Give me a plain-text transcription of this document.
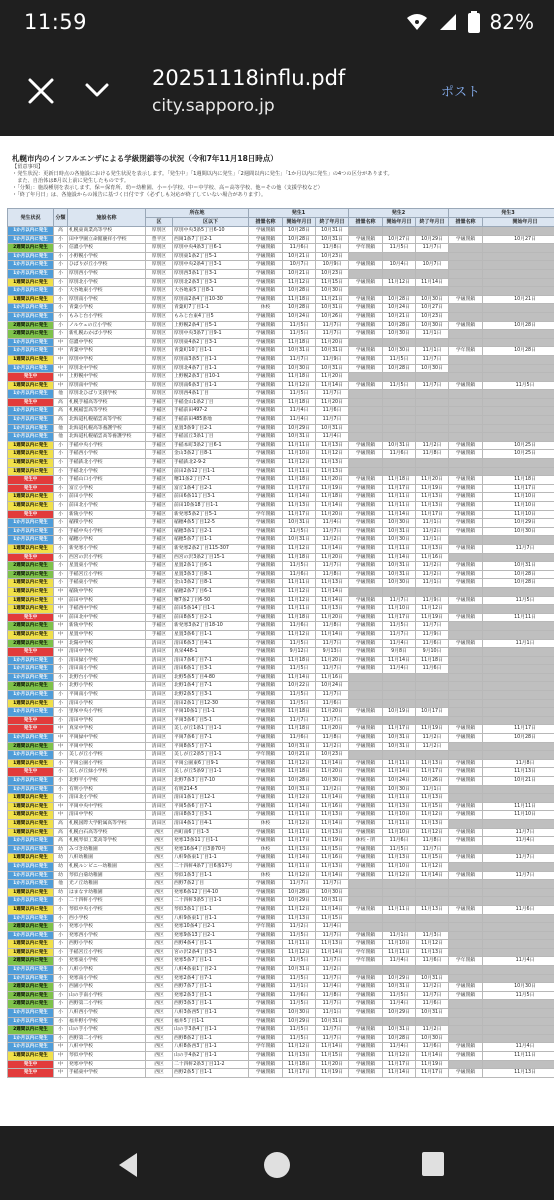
11:59	82%
20251118influ.pdf
city.sapporo.jp
ポスト
札幌市内のインフルエンザによる学級閉鎖等の状況（令和7年11月18日時点）
【留意事項】
・発生状況：更新日時点の各施設における発生状況を表示します。「発生中」「1週間以内に発生」「2週間以内に発生」「1か月以内に発生」の4つの区分があります。
　また、自治体は8月以上前に発生したものです。
・「分類」：施設種別を表示します。保＝保育所、幼＝幼稚園、小＝小学校、中＝中学校、高＝高等学校、他＝その他（支援学校など）
・「終了年月日」は、各施設からの報告に基づく日付です（必ずしも対応が終了していない場合があります）。
発生状況	分類	施設名称	所在地		発生1			発生2			発生3	
			区	区以下	措置名称	開始年月日	終了年月日	措置名称	開始年月日	終了年月日	措置名称	開始年月日
1か月以内に発生	高	札幌東商業高等学校	厚別区	厚別中央3条5丁目6-10	学級閉鎖	10月28日	10月31日					
1か月以内に発生	小	田中学園立命館慶祥小学校	豊平区	西岡1条7丁目2-1	学級閉鎖	10月28日	10月31日	学級閉鎖	10月27日	10月29日	学級閉鎖	10月27日
2週間以内に発生	小	信濃小学校	厚別区	厚別中央4条3丁目6-1	学級閉鎖	11月6日	11月8日	学年閉鎖	11月5日	11月7日		
1か月以内に発生	小	小野幌小学校	厚別区	厚別東1条2丁目5-1	学級閉鎖	10月21日	10月23日					
1か月以内に発生	小	ひばりが丘小学校	厚別区	厚別中央2条4丁目3-1	学級閉鎖	10月7日	10月9日	学級閉鎖	10月4日	10月7日		
1か月以内に発生	小	厚別西小学校	厚別区	厚別西3条1丁目3-1	学級閉鎖	10月21日	10月23日					
1週間以内に発生	小	厚別北小学校	厚別区	厚別北2条3丁目3-1	学級閉鎖	11月12日	11月15日	学級閉鎖	11月12日	11月14日		
1か月以内に発生	小	大谷地東小学校	厚別区	大谷地東5丁目8-1	学級閉鎖	10月28日	10月30日					
1週間以内に発生	小	厚別南小学校	厚別区	厚別南2条4丁目10-30	学級閉鎖	11月18日	11月21日	学級閉鎖	10月28日	10月30日	学級閉鎖	10月21日
1か月以内に発生	小	青葉小学校	厚別区	青葉町7丁目1-1	休校	10月28日	10月31日	学級閉鎖	10月24日	10月27日		
1か月以内に発生	小	もみじ台小学校	厚別区	もみじ台東4丁目5	学級閉鎖	10月24日	10月26日	学級閉鎖	10月21日	10月23日		
2週間以内に発生	小	ノルウェの丘小学校	厚別区	上野幌2条4丁目5-1	学級閉鎖	11月5日	11月7日	学級閉鎖	10月28日	10月30日	学級閉鎖	10月28日
2週間以内に発生	小	新札幌わかば小学校	厚別区	厚別中央3条7丁目9-1	学級閉鎖	11月5日	11月7日	学級閉鎖	10月30日	11月1日		
1か月以内に発生	中	信濃中学校	厚別区	厚別東4条2丁目3-1	学級閉鎖	11月18日	11月20日					
1か月以内に発生	中	青葉中学校	厚別区	青葉町10丁目1-1	学級閉鎖	10月31日	10月31日	学級閉鎖	10月30日	11月1日	学年閉鎖	10月28日
1週間以内に発生	中	厚別中学校	厚別区	厚別南3条5丁目1-1	学級閉鎖	11月7日	11月9日	学級閉鎖	11月5日	11月7日		
1か月以内に発生	中	厚別北中学校	厚別区	厚別北4条7丁目1-1	学級閉鎖	10月30日	10月31日	学級閉鎖	10月28日	10月30日		
発生中	中	上野幌中学校	厚別区	上野幌2条3丁目10-1	学級閉鎖	11月18日	11月20日					
1週間以内に発生	中	厚別南中学校	厚別区	厚別南6条3丁目1-1	学級閉鎖	11月12日	11月14日	学級閉鎖	11月5日	11月7日	学級閉鎖	11月5日
1か月以内に発生	他	厚別北ひばり支援学校	厚別区	厚別西4条1丁目	学級閉鎖	11月5日	11月7日					
発生中	高	札幌手稲高等学校	手稲区	手稲金山1条2丁目	学級閉鎖	11月18日	11月20日					
1か月以内に発生	高	札幌稲雲高等学校	手稲区	手稲前田497-2	学級閉鎖	11月4日	11月6日					
1か月以内に発生	高	北海道札幌稲雲高等学校	手稲区	手稲前田485番地	学級閉鎖	11月4日	11月7日					
1か月以内に発生	他	北海道札幌高等養護学校	手稲区	星置3条9丁目2-1	学級閉鎖	10月29日	10月31日					
1か月以内に発生	他	北海道札幌稲雲高等養護学校	手稲区	手稲富丘3条1丁目	学級閉鎖	10月31日	11月4日					
1週間以内に発生	小	手稲中央小学校	手稲区	手稲本町3条2丁目6-1	学級閉鎖	11月11日	11月13日	学級閉鎖	10月31日	11月2日	学級閉鎖	10月25日
1週間以内に発生	小	手稲西小学校	手稲区	金山3条2丁目8-1	学級閉鎖	11月10日	11月12日	学級閉鎖	11月6日	11月8日	学級閉鎖	10月25日
1週間以内に発生	小	手稲鉄北小学校	手稲区	手稲鉄北2-9-2	学級閉鎖	11月12日	11月13日					
1週間以内に発生	小	手稲北小学校	手稲区	前田2条12丁目1-1	学級閉鎖	11月11日	11月13日					
発生中	小	手稲山口小学校	手稲区	曙11条2丁目7-1	学級閉鎖	11月18日	11月20日	学級閉鎖	11月18日	11月20日	学級閉鎖	11月18日
発生中	小	富丘小学校	手稲区	富丘1条4丁目2-1	学級閉鎖	11月17日	11月19日	学級閉鎖	11月17日	11月19日	学級閉鎖	11月17日
1週間以内に発生	小	前田小学校	手稲区	前田6条11丁目3-1	学級閉鎖	11月14日	11月18日	学級閉鎖	11月11日	11月13日	学級閉鎖	11月10日
1週間以内に発生	小	前田北小学校	手稲区	前田10条18丁目1-1	学級閉鎖	11月13日	11月14日	学級閉鎖	11月11日	11月13日	学級閉鎖	11月10日
発生中	小	新陵小学校	手稲区	新発寒5条2丁目5-1	学年閉鎖	11月17日	11月20日	学級閉鎖	11月14日	11月17日	学級閉鎖	11月10日
1か月以内に発生	小	稲積小学校	手稲区	稲穂4条5丁目12-5	学級閉鎖	10月31日	11月4日	学級閉鎖	10月30日	11月1日	学級閉鎖	10月29日
1か月以内に発生	小	手稲中央小学校	手稲区	稲穂3条1丁目2-1	学級閉鎖	11月5日	11月7日	学級閉鎖	10月31日	11月2日	学級閉鎖	10月30日
1か月以内に発生	小	稲穂小学校	手稲区	稲穂5条7丁目1-1	学級閉鎖	10月31日	11月2日	学級閉鎖	10月30日	11月1日		
1週間以内に発生	小	新発寒小学校	手稲区	新発寒2条2丁目115-307	学級閉鎖	11月12日	11月14日	学級閉鎖	11月11日	11月13日	学級閉鎖	11月7日
発生中	小	西宮の沢小学校	手稲区	西宮の沢3条2丁目15-1	学級閉鎖	11月18日	11月20日	学級閉鎖	11月14日	11月16日		
2週間以内に発生	小	星置東小学校	手稲区	星置2条1丁目6-1	学級閉鎖	11月5日	11月7日	学級閉鎖	10月31日	11月2日	学級閉鎖	10月31日
2週間以内に発生	小	手稲宮丘小学校	手稲区	星置3条3丁目8-1	学級閉鎖	11月6日	11月8日	学級閉鎖	10月31日	11月2日	学級閉鎖	10月28日
1週間以内に発生	小	手稲東小学校	手稲区	金山3条2丁目8-1	学級閉鎖	11月11日	11月13日	学級閉鎖	10月30日	11月1日	学級閉鎖	10月28日
1週間以内に発生	中	稲陵中学校	手稲区	稲穂2条7丁目6-1	学級閉鎖	11月12日	11月14日					
1週間以内に発生	中	前田中学校	手稲区	曙7条2丁目6-50	学級閉鎖	11月12日	11月14日	学級閉鎖	11月7日	11月9日	学級閉鎖	11月5日
1週間以内に発生	中	手稲西中学校	手稲区	前田5条14丁目1-1	学級閉鎖	11月11日	11月13日	学級閉鎖	11月10日	11月12日		
発生中	中	前田北中学校	手稲区	前田8条5丁目2-1	学級閉鎖	11月18日	11月20日	学級閉鎖	11月17日	11月19日	学級閉鎖	11月11日
2週間以内に発生	中	新陵中学校	手稲区	新発寒3条2丁目18-10	学級閉鎖	11月6日	11月8日	学級閉鎖	11月5日	11月7日		
1週間以内に発生	中	星置中学校	手稲区	星置3条6丁目1-1	学級閉鎖	11月12日	11月14日	学級閉鎖	11月7日	11月9日		
2週間以内に発生	中	北陽中学校	清田区	清田6条3丁目4-1	学級閉鎖	11月5日	11月7日	学級閉鎖	11月4日	11月6日	学級閉鎖	11月1日
発生中	中	清田中学校	清田区	真栄448-1	学級閉鎖	9月12日	9月13日	学級閉鎖	9月8日	9月10日		
1か月以内に発生	小	清田緑小学校	清田区	清田7条6丁目7-1	学級閉鎖	11月18日	11月20日	学級閉鎖	11月14日	11月18日		
1か月以内に発生	小	清田南小学校	清田区	清田6条1丁目3-1	学級閉鎖	11月5日	11月7日	学級閉鎖	11月4日	11月6日		
1か月以内に発生	小	北野台小学校	清田区	北野5条5丁目4-80	学級閉鎖	11月14日	11月16日					
2週間以内に発生	小	北野小学校	清田区	北野1条4丁目7-1	学級閉鎖	10月22日	10月24日					
1か月以内に発生	小	平岡南小学校	清田区	北野2条5丁目3-1	学級閉鎖	11月5日	11月7日					
1週間以内に発生	小	清田小学校	清田区	清田2条1丁目12-30	学級閉鎖	11月5日	11月6日					
1か月以内に発生	小	里塚中央小学校	清田区	平岡10条1丁目1-1	学級閉鎖	11月18日	11月20日	学級閉鎖	10月19日	10月17日		
発生中	小	清田中学校	清田区	平岡3条6丁目5-1	学級閉鎖	11月7日	11月7日					
発生中	中	真栄中学校	清田区	美しが丘1条1丁目1-1	学級閉鎖	11月18日	11月20日	学級閉鎖	11月17日	11月19日	学級閉鎖	11月17日
1か月以内に発生	中	平岡緑中学校	清田区	平岡7条6丁目7-1	学級閉鎖	11月6日	11月8日	学級閉鎖	10月31日	11月2日	学級閉鎖	10月28日
2週間以内に発生	中	平岡中学校	清田区	平岡8条5丁目7-1	学級閉鎖	10月31日	11月2日	学級閉鎖	10月31日	11月2日		
1か月以内に発生	小	美しが丘小学校	清田区	美しが丘2条5丁目1-1	学年閉鎖	10月21日	10月23日					
1週間以内に発生	小	平岡公園小学校	清田区	平岡公園東6丁目9-1	学級閉鎖	11月12日	11月14日	学級閉鎖	11月11日	11月13日	学級閉鎖	11月8日
発生中	小	美しが丘緑小学校	清田区	美しが丘5条9丁目1-1	学級閉鎖	11月18日	11月20日	学級閉鎖	11月14日	11月17日	学級閉鎖	11月13日
1か月以内に発生	小	北野平小学校	清田区	北野7条3丁目7-10	学級閉鎖	10月28日	10月30日	学級閉鎖	10月24日	10月26日	学級閉鎖	10月21日
1か月以内に発生	小	有明小学校	清田区	有明214-5	学級閉鎖	10月31日	11月2日	学級閉鎖	10月30日	11月1日		
1週間以内に発生	小	清田北小学校	清田区	清田1条1丁目12-1	学級閉鎖	11月12日	11月14日	学級閉鎖	11月11日	11月13日		
1週間以内に発生	中	平岡中央中学校	清田区	平岡5条6丁目7-1	学級閉鎖	11月14日	11月16日	学級閉鎖	11月13日	11月15日	学級閉鎖	11月11日
1週間以内に発生	中	清田中学校	清田区	清田8条3丁目3-1	学級閉鎖	11月11日	11月13日	学級閉鎖	11月10日	11月12日	学級閉鎖	11月10日
1週間以内に発生	高	札幌国際大学附属高等学校	清田区	清田4条1丁目4-1	休校	11月12日	11月14日	学級閉鎖	11月11日	11月13日		
1週間以内に発生	高	札幌白石高等学校	西区	西町南6丁目1-3	学級閉鎖	11月11日	11月13日	学級閉鎖	11月10日	11月12日	学級閉鎖	11月7日
1か月以内に発生	高	札幌琴似工業高等学校	西区	発寒13条11丁目1-1	学級閉鎖	11月17日	11月19日	休校・閉	11月6日	11月8日	学級閉鎖	11月4日
1か月以内に発生	幼	みづき幼稚園	西区	発寒16条4丁目3番70号	休校	11月13日	11月15日	学級閉鎖	11月5日	11月7日		
1週間以内に発生	幼	八軒幼稚園	西区	八軒9条東1丁目1-1	学級閉鎖	11月14日	11月16日	学級閉鎖	11月13日	11月15日	学級閉鎖	11月7日
1か月以内に発生	幼	札幌ルンビニー幼稚園	西区	二十四軒4条7丁目6番17号	学級閉鎖	11月11日	11月13日	学級閉鎖	11月10日	11月12日		
1か月以内に発生	幼	琴似白菊幼稚園	西区	琴似1条3丁目1-1	休校	11月12日	11月14日	学級閉鎖	11月12日	11月14日	学級閉鎖	11月7日
1か月以内に発生	他	光ノ丘幼稚園	西区	西野7条2丁目	学級閉鎖	11月7日	11月7日					
1週間以内に発生	幼	はまなす幼稚園	西区	発寒6条12丁目4-10	学級閉鎖	10月28日	10月30日					
1か月以内に発生	小	二十四軒小学校	西区	二十四軒3条5丁目1-1	学級閉鎖	10月29日	10月31日					
1週間以内に発生	小	琴似中央小学校	西区	琴似3条1丁目1-1	学級閉鎖	11月12日	11月14日	学級閉鎖	11月11日	11月13日	学級閉鎖	11月6日
1か月以内に発生	小	西小学校	西区	八軒9条東1丁目1-1	学級閉鎖	11月13日	11月15日					
2週間以内に発生	小	発寒小学校	西区	発寒10条4丁目2-1	学年閉鎖	11月2日	11月4日					
1か月以内に発生	小	発寒西小学校	西区	発寒9条13丁目2-1	学級閉鎖	11月5日	11月7日	学級閉鎖	11月1日	11月3日		
1週間以内に発生	小	西野小学校	西区	西野4条4丁目1-1	学級閉鎖	11月11日	11月13日	学級閉鎖	11月10日	11月12日		
1週間以内に発生	小	手稲宮丘小学校	西区	宮の沢2条4丁目3-1	学級閉鎖	11月12日	11月14日	学年閉鎖	11月11日	11月13日		
2週間以内に発生	小	発寒東小学校	西区	発寒5条7丁目1-1	学級閉鎖	11月5日	11月7日	学年閉鎖	11月4日	11月6日	学年閉鎖	11月4日
1か月以内に発生	小	八軒小学校	西区	八軒4条東1丁目2-1	学級閉鎖	10月31日	11月2日					
1か月以内に発生	小	発寒南小学校	西区	発寒2条4丁目7-1	学級閉鎖	11月5日	11月7日	学級閉鎖	10月29日	10月31日		
2週間以内に発生	小	西園小学校	西区	西野7条7丁目1-1	学級閉鎖	11月1日	11月4日	学級閉鎖	10月31日	11月2日	学級閉鎖	10月30日
2週間以内に発生	小	山の手南小学校	西区	発寒2条3丁目1-1	学級閉鎖	11月6日	11月8日	学級閉鎖	11月5日	11月7日	学級閉鎖	11月5日
2週間以内に発生	小	西野第二小学校	西区	西野3条3丁目1-1	学級閉鎖	11月5日	11月7日	学級閉鎖	11月4日	11月6日		
1か月以内に発生	小	八軒西小学校	西区	八軒3条西5丁目1-1	学級閉鎖	10月30日	11月1日	学級閉鎖	10月29日	10月31日		
1か月以内に発生	小	福井野小学校	西区	福井5丁目1-1	学級閉鎖	10月29日	10月31日					
2週間以内に発生	小	山の手小学校	西区	山の手3条4丁目1-1	学級閉鎖	11月5日	11月7日	学級閉鎖	10月31日	11月2日		
1か月以内に発生	小	西野第二小学校	西区	西野8条2丁目1-1	学級閉鎖	11月5日	11月7日	学級閉鎖	10月28日	10月30日		
1か月以内に発生	中	八軒中学校	西区	八軒8条西3丁目1-1	学年閉鎖	11月12日	11月14日	学級閉鎖	11月4日	11月6日	学級閉鎖	11月4日
1週間以内に発生	中	琴似中学校	西区	山の手4条2丁目1-1	学級閉鎖	11月13日	11月15日	学級閉鎖	11月12日	11月14日	学級閉鎖	11月11日
発生中	中	発寒中学校	西区	二十四軒2条3丁目11-2	学級閉鎖	11月18日	11月20日	学級閉鎖	11月17日	11月19日		
発生中	中	手稲東中学校	西区	西野2条5丁目1-1	学級閉鎖	11月17日	11月19日	学級閉鎖	11月14日	11月17日	学級閉鎖	11月13日
